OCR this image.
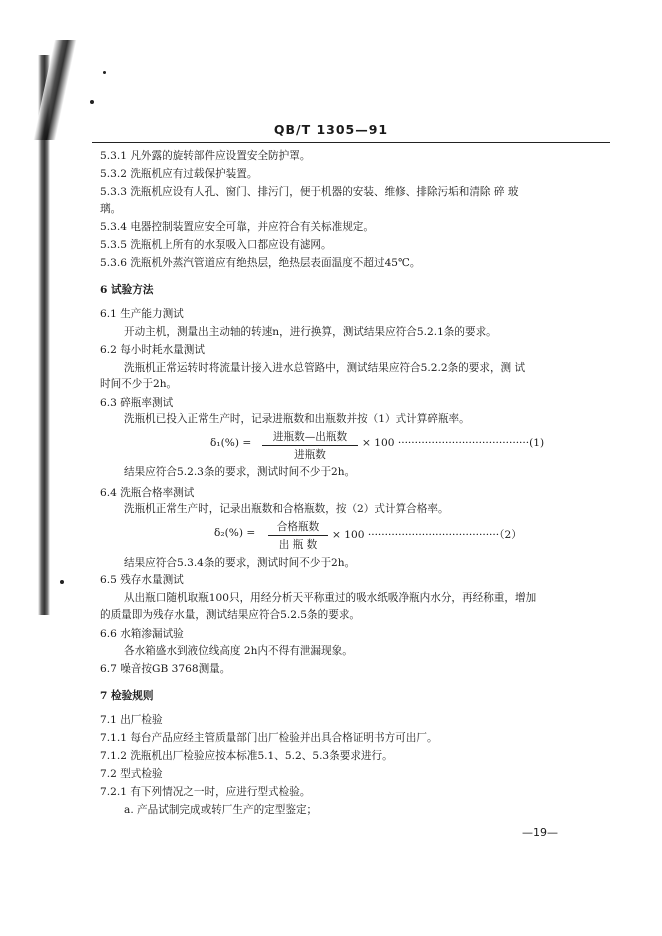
QB/T 1305—91
5.3.1 凡外露的旋转部件应设置安全防护罩。
5.3.2 洗瓶机应有过载保护装置。
5.3.3 洗瓶机应设有人孔、窗门、排污门，便于机器的安装、维修、排除污垢和清除 碎 玻
璃。
5.3.4 电器控制装置应安全可靠，并应符合有关标准规定。
5.3.5 洗瓶机上所有的水泵吸入口都应设有滤网。
5.3.6 洗瓶机外蒸汽管道应有绝热层，绝热层表面温度不超过45℃。
6 试验方法
6.1 生产能力测试
开动主机，测量出主动轴的转速n，进行换算，测试结果应符合5.2.1条的要求。
6.2 每小时耗水量测试
洗瓶机正常运转时将流量计接入进水总管路中，测试结果应符合5.2.2条的要求，测 试
时间不少于2h。
6.3 碎瓶率测试
洗瓶机已投入正常生产时，记录进瓶数和出瓶数并按（1）式计算碎瓶率。
δ₁(%) =	进瓶数—出瓶数
进瓶数
× 100 ·······································(1)
结果应符合5.2.3条的要求，测试时间不少于2h。
6.4 洗瓶合格率测试
洗瓶机正常生产时，记录出瓶数和合格瓶数，按（2）式计算合格率。
δ₂(%) =	合格瓶数
出 瓶 数
× 100 ·······································（2）
结果应符合5.3.4条的要求，测试时间不少于2h。
6.5 残存水量测试
从出瓶口随机取瓶100只，用经分析天平称重过的吸水纸吸净瓶内水分，再经称重，增加
的质量即为残存水量，测试结果应符合5.2.5条的要求。
6.6 水箱渗漏试验
各水箱盛水到液位线高度 2h内不得有泄漏现象。
6.7 噪音按GB 3768测量。
7 检验规则
7.1 出厂检验
7.1.1 每台产品应经主管质量部门出厂检验并出具合格证明书方可出厂。
7.1.2 洗瓶机出厂检验应按本标准5.1、5.2、5.3条要求进行。
7.2 型式检验
7.2.1 有下列情况之一时，应进行型式检验。
a. 产品试制完成或转厂生产的定型鉴定；
—19—
